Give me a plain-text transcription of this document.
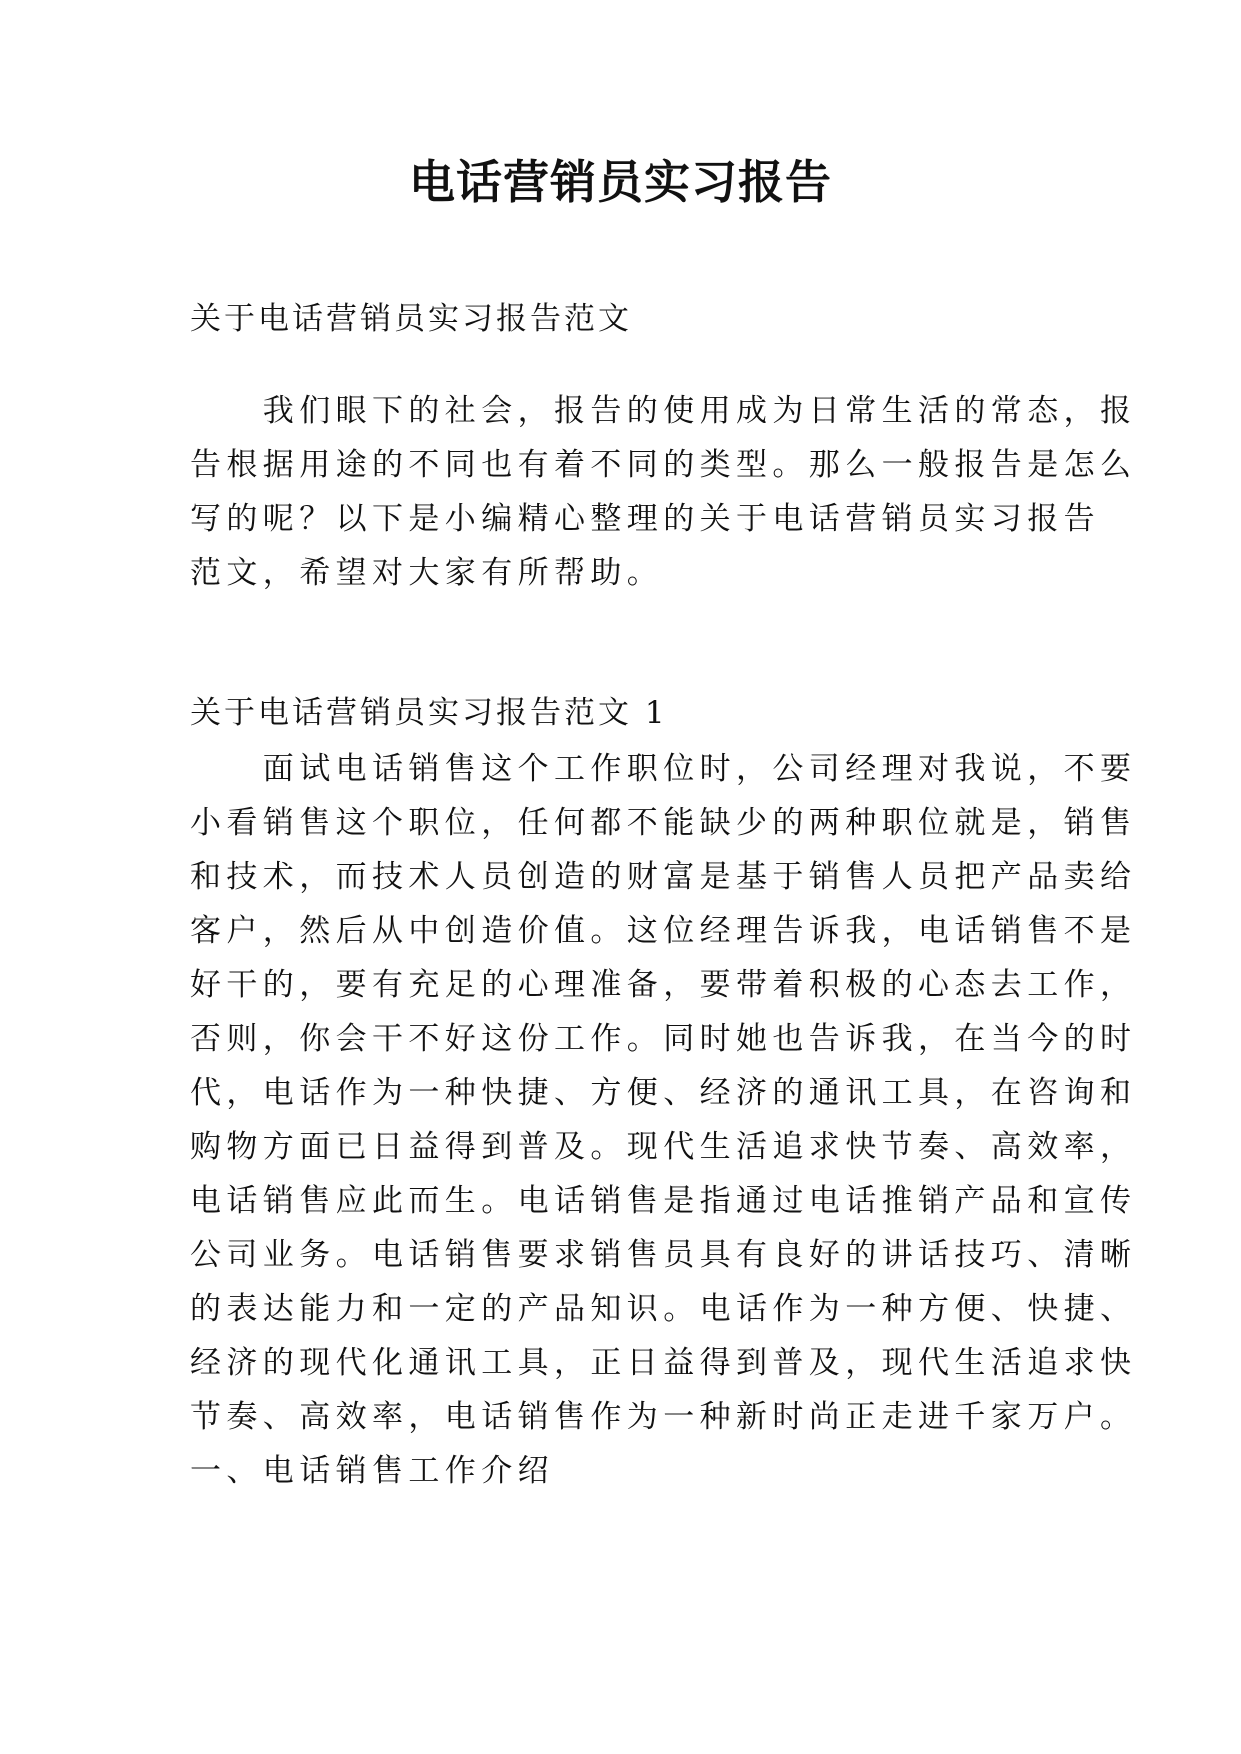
电话营销员实习报告

关于电话营销员实习报告范文

　　我们眼下的社会，报告的使用成为日常生活的常态，报

告根据用途的不同也有着不同的类型。那么一般报告是怎么

写的呢？以下是小编精心整理的关于电话营销员实习报告

范文，希望对大家有所帮助。

关于电话营销员实习报告范文 1

　　面试电话销售这个工作职位时，公司经理对我说，不要

小看销售这个职位，任何都不能缺少的两种职位就是，销售

和技术，而技术人员创造的财富是基于销售人员把产品卖给

客户，然后从中创造价值。这位经理告诉我，电话销售不是

好干的，要有充足的心理准备，要带着积极的心态去工作，

否则，你会干不好这份工作。同时她也告诉我，在当今的时

代，电话作为一种快捷、方便、经济的通讯工具，在咨询和

购物方面已日益得到普及。现代生活追求快节奏、高效率，

电话销售应此而生。电话销售是指通过电话推销产品和宣传

公司业务。电话销售要求销售员具有良好的讲话技巧、清晰

的表达能力和一定的产品知识。电话作为一种方便、快捷、

经济的现代化通讯工具，正日益得到普及，现代生活追求快

节奏、高效率，电话销售作为一种新时尚正走进千家万户。

一、电话销售工作介绍
